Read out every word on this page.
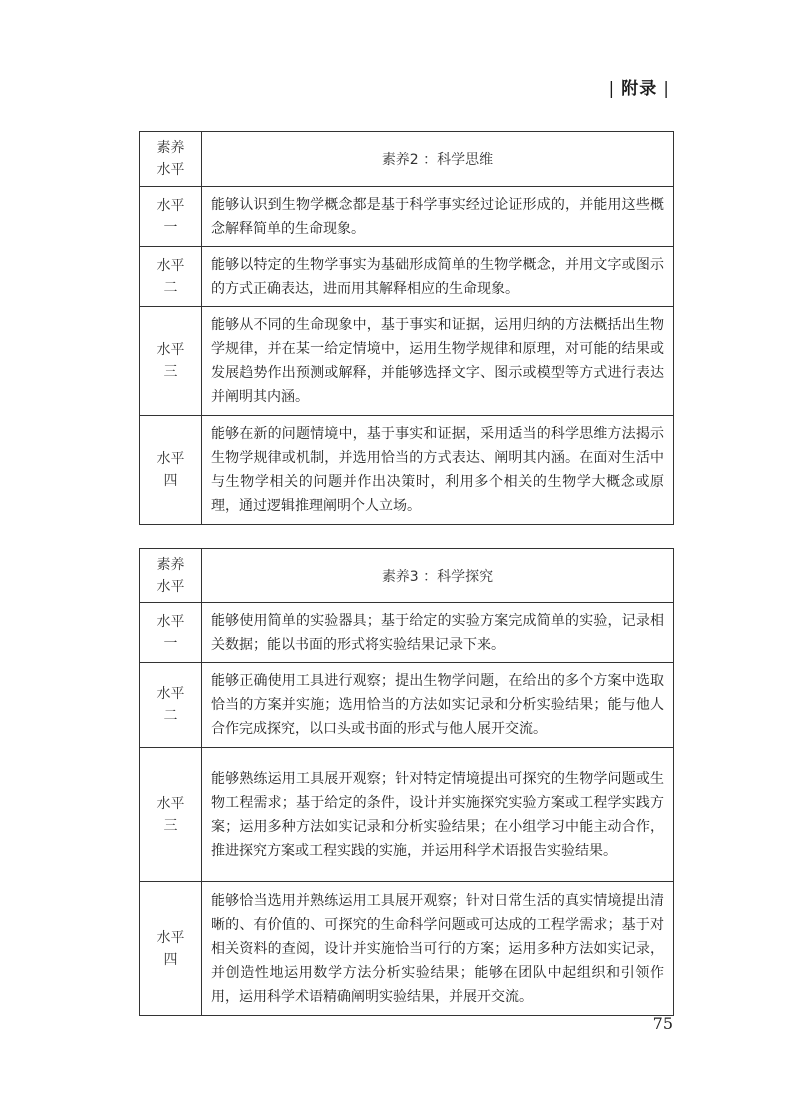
| 附录 |
素养
水平	素养2 ：科学思维

水平
一	能够认识到生物学概念都是基于科学事实经过论证形成的，并能用这些概念解释简单的生命现象。

水平
二	能够以特定的生物学事实为基础形成简单的生物学概念，并用文字或图示的方式正确表达，进而用其解释相应的生命现象。

水平
三	能够从不同的生命现象中，基于事实和证据，运用归纳的方法概括出生物学规律，并在某一给定情境中，运用生物学规律和原理，对可能的结果或发展趋势作出预测或解释，并能够选择文字、图示或模型等方式进行表达并阐明其内涵。

水平
四	能够在新的问题情境中，基于事实和证据，采用适当的科学思维方法揭示生物学规律或机制，并选用恰当的方式表达、阐明其内涵。在面对生活中与生物学相关的问题并作出决策时，利用多个相关的生物学大概念或原理，通过逻辑推理阐明个人立场。
素养
水平	素养3 ：科学探究

水平
一	能够使用简单的实验器具；基于给定的实验方案完成简单的实验，记录相关数据；能以书面的形式将实验结果记录下来。

水平
二	能够正确使用工具进行观察；提出生物学问题，在给出的多个方案中选取恰当的方案并实施；选用恰当的方法如实记录和分析实验结果；能与他人合作完成探究，以口头或书面的形式与他人展开交流。

水平
三	能够熟练运用工具展开观察；针对特定情境提出可探究的生物学问题或生物工程需求；基于给定的条件，设计并实施探究实验方案或工程学实践方案；运用多种方法如实记录和分析实验结果；在小组学习中能主动合作，推进探究方案或工程实践的实施，并运用科学术语报告实验结果。

水平
四	能够恰当选用并熟练运用工具展开观察；针对日常生活的真实情境提出清晰的、有价值的、可探究的生命科学问题或可达成的工程学需求；基于对相关资料的查阅，设计并实施恰当可行的方案；运用多种方法如实记录，并创造性地运用数学方法分析实验结果；能够在团队中起组织和引领作用，运用科学术语精确阐明实验结果，并展开交流。
75
